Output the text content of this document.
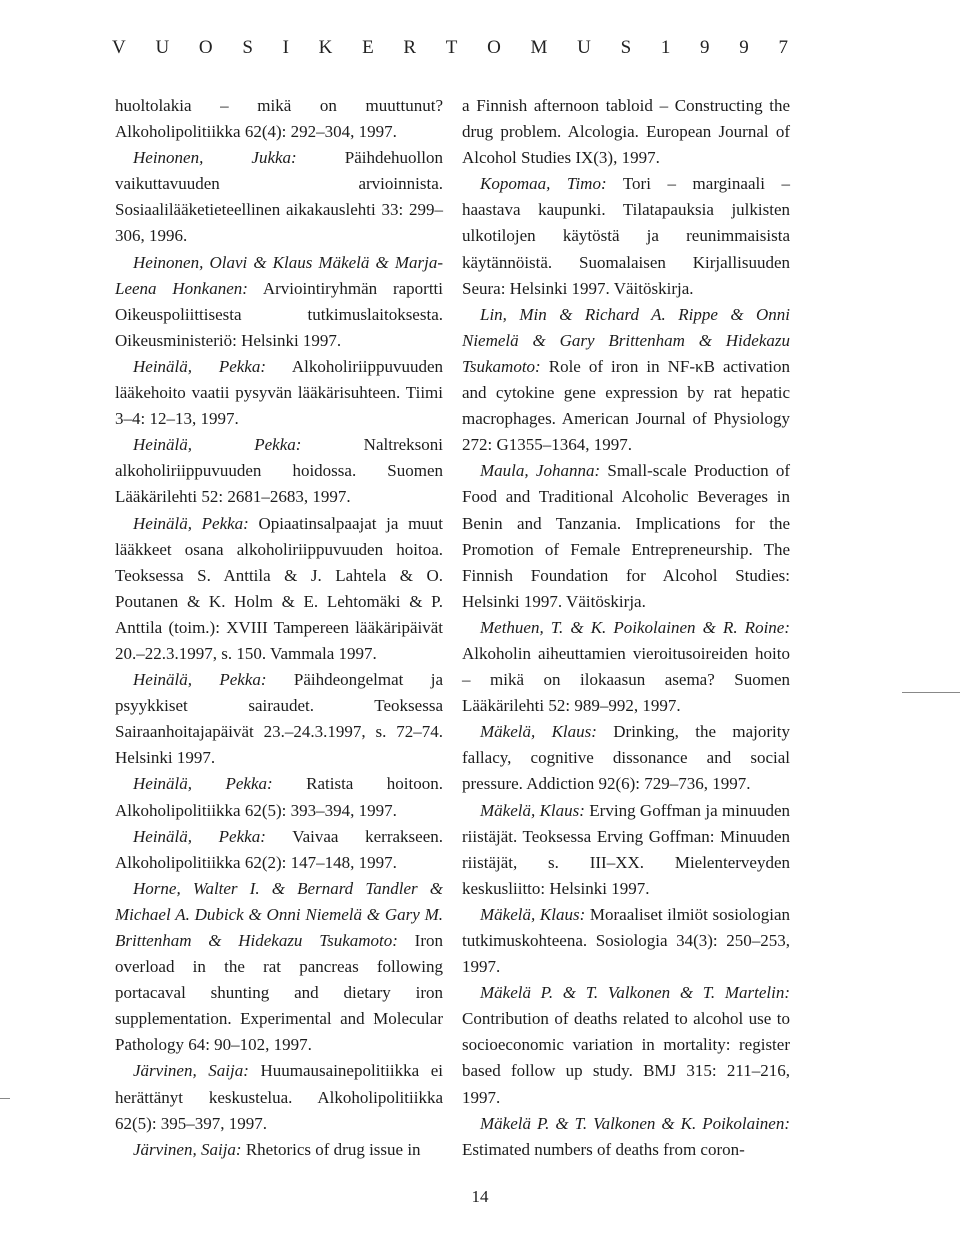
V U O S I K E R T O M U S 1 9 9 7

huoltolakia – mikä on muuttunut? Alkoholipolitiikka 62(4): 292–304, 1997.

Heinonen, Jukka: Päihdehuollon vaikuttavuuden arvioinnista. Sosiaalilääketieteellinen aikakauslehti 33: 299–306, 1996.

Heinonen, Olavi & Klaus Mäkelä & Marja-Leena Honkanen: Arviointiryhmän raportti Oikeuspoliittisesta tutkimuslaitoksesta. Oikeusministeriö: Helsinki 1997.

Heinälä, Pekka: Alkoholiriippuvuuden lääkehoito vaatii pysyvän lääkärisuhteen. Tiimi 3–4: 12–13, 1997.

Heinälä, Pekka: Naltreksoni alkoholiriippuvuuden hoidossa. Suomen Lääkärilehti 52: 2681–2683, 1997.

Heinälä, Pekka: Opiaatinsalpaajat ja muut lääkkeet osana alkoholiriippuvuuden hoitoa. Teoksessa S. Anttila & J. Lahtela & O. Poutanen & K. Holm & E. Lehtomäki & P. Anttila (toim.): XVIII Tampereen lääkäripäivät 20.–22.3.1997, s. 150. Vammala 1997.

Heinälä, Pekka: Päihdeongelmat ja psyykkiset sairaudet. Teoksessa Sairaanhoitajapäivät 23.–24.3.1997, s. 72–74. Helsinki 1997.

Heinälä, Pekka: Ratista hoitoon. Alkoholipolitiikka 62(5): 393–394, 1997.

Heinälä, Pekka: Vaivaa kerrakseen. Alkoholipolitiikka 62(2): 147–148, 1997.

Horne, Walter I. & Bernard Tandler & Michael A. Dubick & Onni Niemelä & Gary M. Brittenham & Hidekazu Tsukamoto: Iron overload in the rat pancreas following portacaval shunting and dietary iron supplementation. Experimental and Molecular Pathology 64: 90–102, 1997.

Järvinen, Saija: Huumausainepolitiikka ei herättänyt keskustelua. Alkoholipolitiikka 62(5): 395–397, 1997.

Järvinen, Saija: Rhetorics of drug issue in

a Finnish afternoon tabloid – Constructing the drug problem. Alcologia. European Journal of Alcohol Studies IX(3), 1997.

Kopomaa, Timo: Tori – marginaali – haastava kaupunki. Tilatapauksia julkisten ulkotilojen käytöstä ja reunimmaisista käytännöistä. Suomalaisen Kirjallisuuden Seura: Helsinki 1997. Väitöskirja.

Lin, Min & Richard A. Rippe & Onni Niemelä & Gary Brittenham & Hidekazu Tsukamoto: Role of iron in NF-κB activation and cytokine gene expression by rat hepatic macrophages. American Journal of Physiology 272: G1355–1364, 1997.

Maula, Johanna: Small-scale Production of Food and Traditional Alcoholic Beverages in Benin and Tanzania. Implications for the Promotion of Female Entrepreneurship. The Finnish Foundation for Alcohol Studies: Helsinki 1997. Väitöskirja.

Methuen, T. & K. Poikolainen & R. Roine: Alkoholin aiheuttamien vieroitusoireiden hoito – mikä on ilokaasun asema? Suomen Lääkärilehti 52: 989–992, 1997.

Mäkelä, Klaus: Drinking, the majority fallacy, cognitive dissonance and social pressure. Addiction 92(6): 729–736, 1997.

Mäkelä, Klaus: Erving Goffman ja minuuden riistäjät. Teoksessa Erving Goffman: Minuuden riistäjät, s. III–XX. Mielenterveyden keskusliitto: Helsinki 1997.

Mäkelä, Klaus: Moraaliset ilmiöt sosiologian tutkimuskohteena. Sosiologia 34(3): 250–253, 1997.

Mäkelä P. & T. Valkonen & T. Martelin: Contribution of deaths related to alcohol use to socioeconomic variation in mortality: register based follow up study. BMJ 315: 211–216, 1997.

Mäkelä P. & T. Valkonen & K. Poikolainen: Estimated numbers of deaths from coron-

14
